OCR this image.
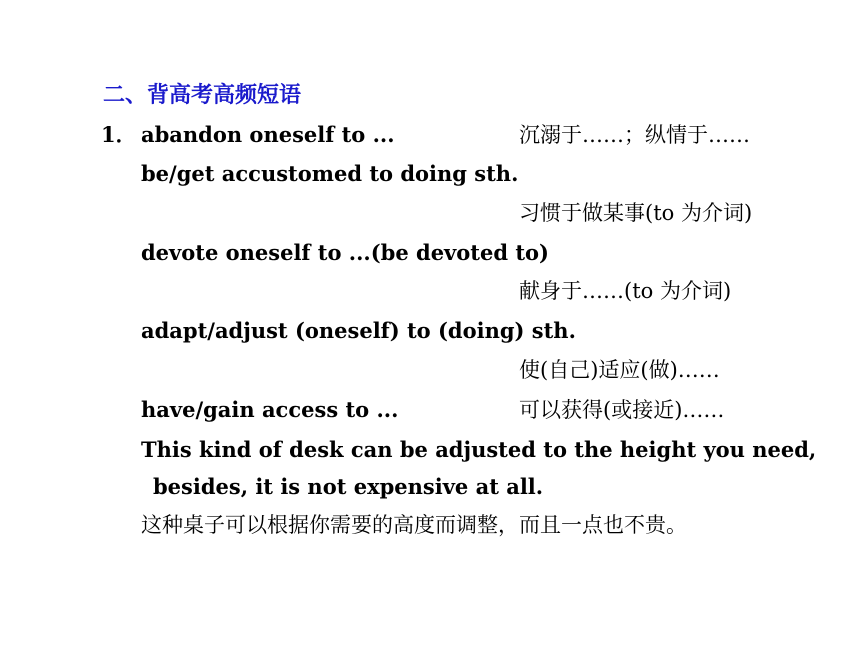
二、背高考高频短语
1． abandon oneself to ...	沉溺于……；纵情于……
be/get accustomed to doing sth.
习惯于做某事(to 为介词)
devote oneself to ...(be devoted to)
献身于……(to 为介词)
adapt/adjust (oneself) to (doing) sth.
使(自己)适应(做)……
have/gain access to ...	可以获得(或接近)……
This kind of desk can be adjusted to the height you need,
besides, it is not expensive at all.
这种桌子可以根据你需要的高度而调整，而且一点也不贵。
